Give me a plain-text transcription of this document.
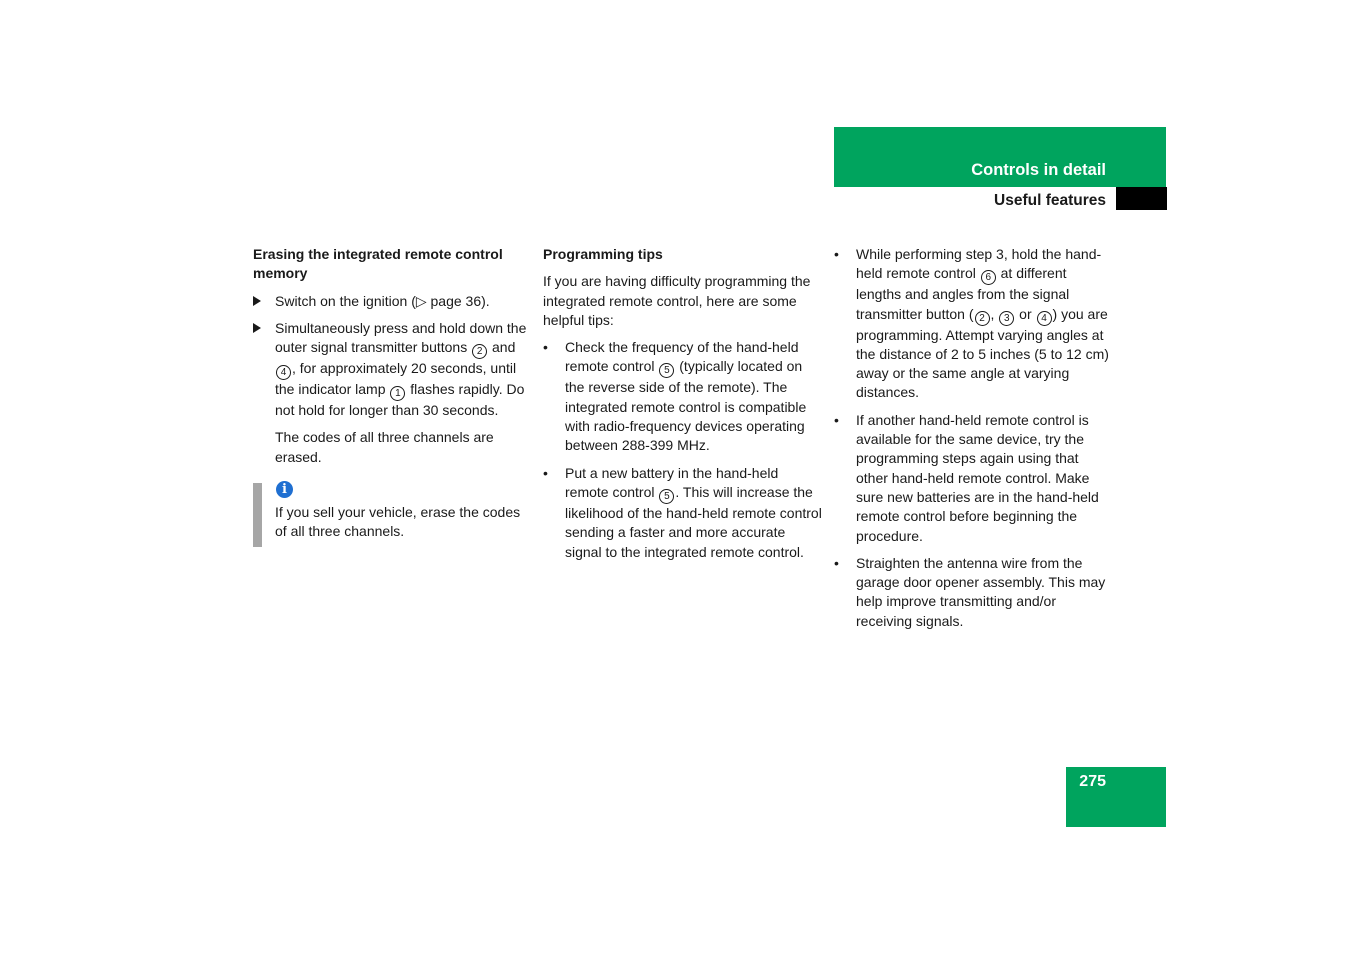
Controls in detail
Useful features
Erasing the integrated remote control memory
Switch on the ignition (▷ page 36).
Simultaneously press and hold down the outer signal transmitter buttons 2 and 4 , for approximately 20 seconds, until the indicator lamp 1 flashes rapidly. Do not hold for longer than 30 seconds.

The codes of all three channels are erased.

i
If you sell your vehicle, erase the codes of all three channels.
Programming tips

If you are having difficulty programming the integrated remote control, here are some helpful tips:

• Check the frequency of the hand-held remote control 5 (typically located on the reverse side of the remote). The integrated remote control is compatible with radio-frequency devices operating between 288-399 MHz.
• Put a new battery in the hand-held remote control 5 . This will increase the likelihood of the hand-held remote control sending a faster and more accurate signal to the integrated remote control.
• While performing step 3, hold the hand-held remote control 6 at different lengths and angles from the signal transmitter button ( 2 , 3 or 4 ) you are programming. Attempt varying angles at the distance of 2 to 5 inches (5 to 12 cm) away or the same angle at varying distances.
• If another hand-held remote control is available for the same device, try the programming steps again using that other hand-held remote control. Make sure new batteries are in the hand-held remote control before beginning the procedure.
• Straighten the antenna wire from the garage door opener assembly. This may help improve transmitting and/or receiving signals.
275
